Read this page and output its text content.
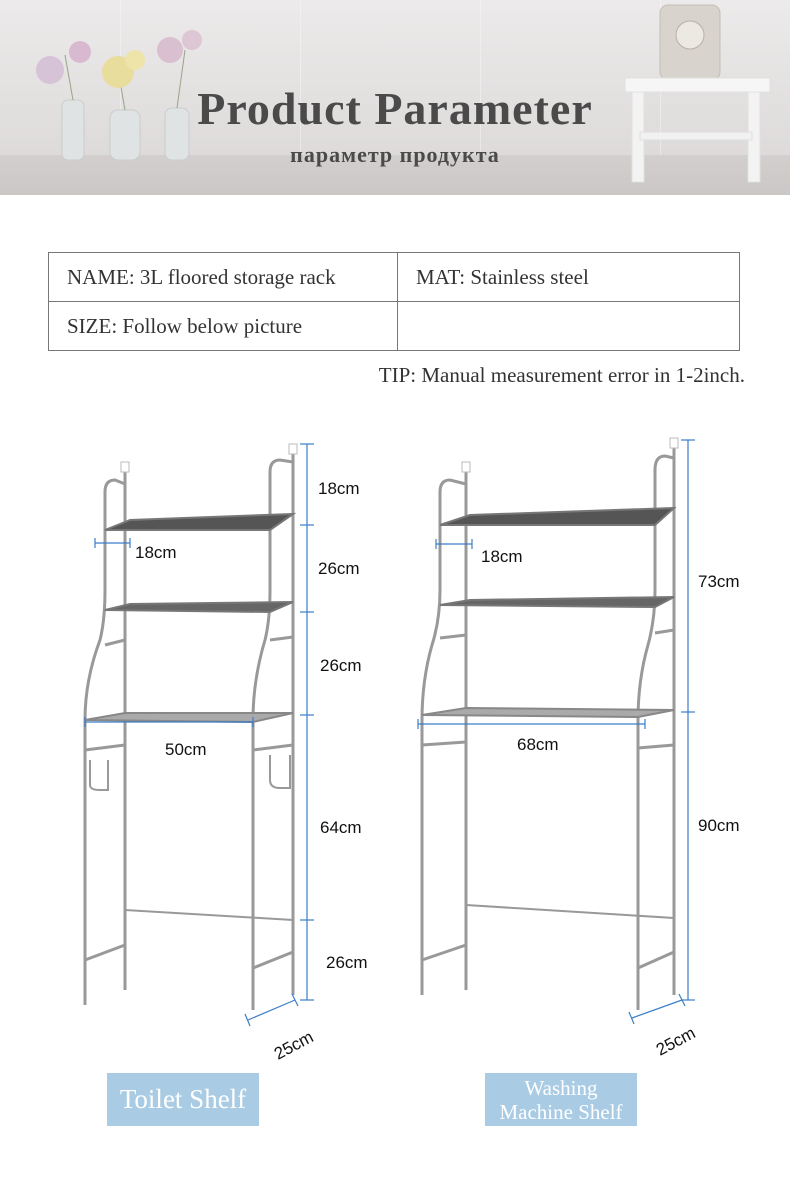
Product Parameter
параметр продукта
NAME: 3L floored storage rack	MAT: Stainless steel
SIZE: Follow below picture	
TIP: Manual measurement error in 1-2inch.
18cm
18cm
26cm
26cm
50cm
64cm
26cm
25cm
18cm
73cm
68cm
90cm
25cm
Toilet Shelf	Washing
Machine Shelf
